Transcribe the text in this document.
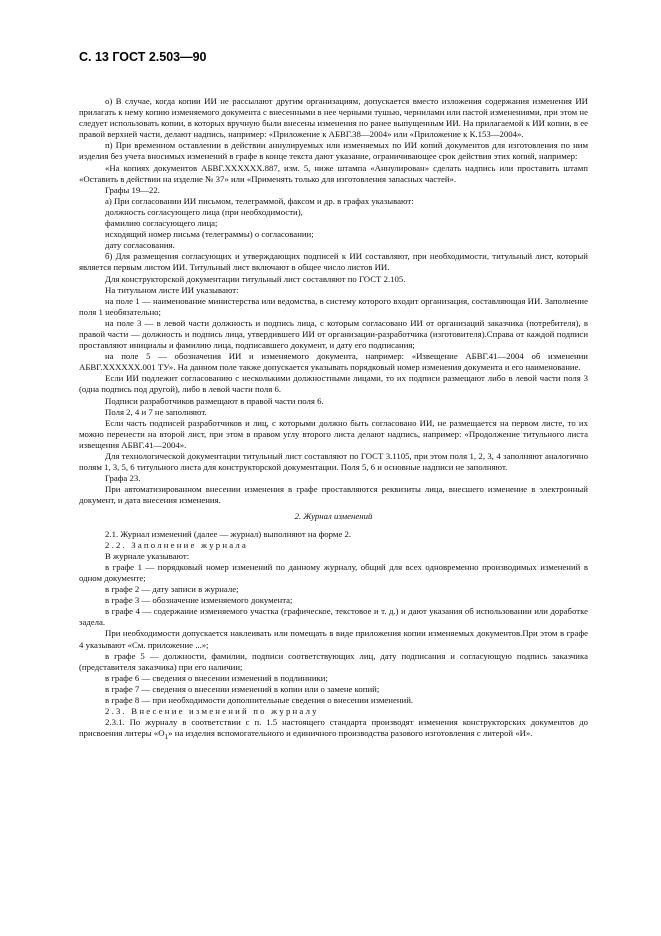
С. 13 ГОСТ 2.503—90

о) В случае, когда копии ИИ не рассылают другим организациям, допускается вместо изложения содержания изменения ИИ прилагать к нему копию изменяемого документа с внесенными в нее черными тушью, чернилами или пастой изменениями, при этом не следует использовать копии, в которых вручную были внесены изменения по ранее выпущенным ИИ. На прилагаемой к ИИ копии, в ее правой верхней части, делают надпись, например: «Приложение к АБВГ.38—2004» или «Приложение к К.153—2004».

п) При временном оставлении в действии аннулируемых или изменяемых по ИИ копий документов для изготовления по ним изделия без учета вносимых изменений в графе в конце текста дают указание, ограничивающее срок действия этих копий, например:

«На копиях документов АБВГ.ХХХХХХ.887, изм. 5, ниже штампа «Аннулирован» сделать надпись или проставить штамп «Оставить в действии на изделие № 37» или «Применять только для изготовления запасных частей».

Графы 19—22.

а) При согласовании ИИ письмом, телеграммой, факсом и др. в графах указывают:

должность согласующего лица (при необходимости),

фамилию согласующего лица;

исходящий номер письма (телеграммы) о согласовании;

дату согласования.

б) Для размещения согласующих и утверждающих подписей к ИИ составляют, при необходимости, титульный лист, который является первым листом ИИ. Титульный лист включают в общее число листов ИИ.

Для конструкторской документации титульный лист составляют по ГОСТ 2.105.

На титульном листе ИИ указывают:

на поле 1 — наименование министерства или ведомства, в систему которого входит организация, составляющая ИИ. Заполнение поля 1 необязательно;

на поле 3 — в левой части должность и подпись лица, с которым согласовано ИИ от организаций заказчика (потребителя), в правой части — должность и подпись лица, утвердившего ИИ от организации-разработчика (изготовителя).Справа от каждой подписи проставляют инициалы и фамилию лица, подписавшего документ, и дату его подписания;

на поле 5 — обозначения ИИ и изменяемого документа, например: «Извещение АБВГ.41—2004 об изменении АБВГ.ХХХХХХ.001 ТУ». На данном поле также допускается указывать порядковый номер изменения документа и его наименование.

Если ИИ подлежит согласованию с несколькими должностными лицами, то их подписи размещают либо в левой части поля 3 (одна подпись под другой), либо в левой части поля 6.

Подписи разработчиков размещают в правой части поля 6.

Поля 2, 4 и 7 не заполняют.

Если часть подписей разработчиков и лиц, с которыми должно быть согласовано ИИ, не размещается на первом листе, то их можно перенести на второй лист, при этом в правом углу второго листа делают надпись, например: «Продолжение титульного листа извещения АБВГ.41—2004».

Для технологической документации титульный лист составляют по ГОСТ 3.1105, при этом поля 1, 2, 3, 4 заполняют аналогично полям 1, 3, 5, 6 титульного листа для конструкторской документации. Поля 5, 6 и основные надписи не заполняют.

Графа 23.

При автоматизированном внесении изменения в графе проставляются реквизиты лица, внесшего изменение в электронный документ, и дата внесения изменения.

2. Журнал изменений

2.1. Журнал изменений (далее — журнал) выполняют на форме 2.

2.2. Заполнение журнала

В журнале указывают:

в графе 1 — порядковый номер изменений по данному журналу, общий для всех одновременно производимых изменений в одном документе;

в графе 2 — дату записи в журнале;

в графе 3 — обозначение изменяемого документа;

в графе 4 — содержание изменяемого участка (графическое, текстовое и т. д.) и дают указания об использовании или доработке задела.

При необходимости допускается наклеивать или помещать в виде приложения копии изменяемых документов.При этом в графе 4 указывают «См. приложение ...»;

в графе 5 — должности, фамилии, подписи соответствующих лиц, дату подписания и согласующую подпись заказчика (представителя заказчика) при его наличии;

в графе 6 — сведения о внесении изменений в подлинники;

в графе 7 — сведения о внесении изменений в копии или о замене копий;

в графе 8 — при необходимости дополнительные сведения о внесении изменений.

2.3. Внесение изменений по журналу

2.3.1. По журналу в соответствии с п. 1.5 настоящего стандарта производят изменения конструкторских документов до присвоения литеры «$О_1$» на изделия вспомогательного и единичного производства разового изготовления с литерой «И».
